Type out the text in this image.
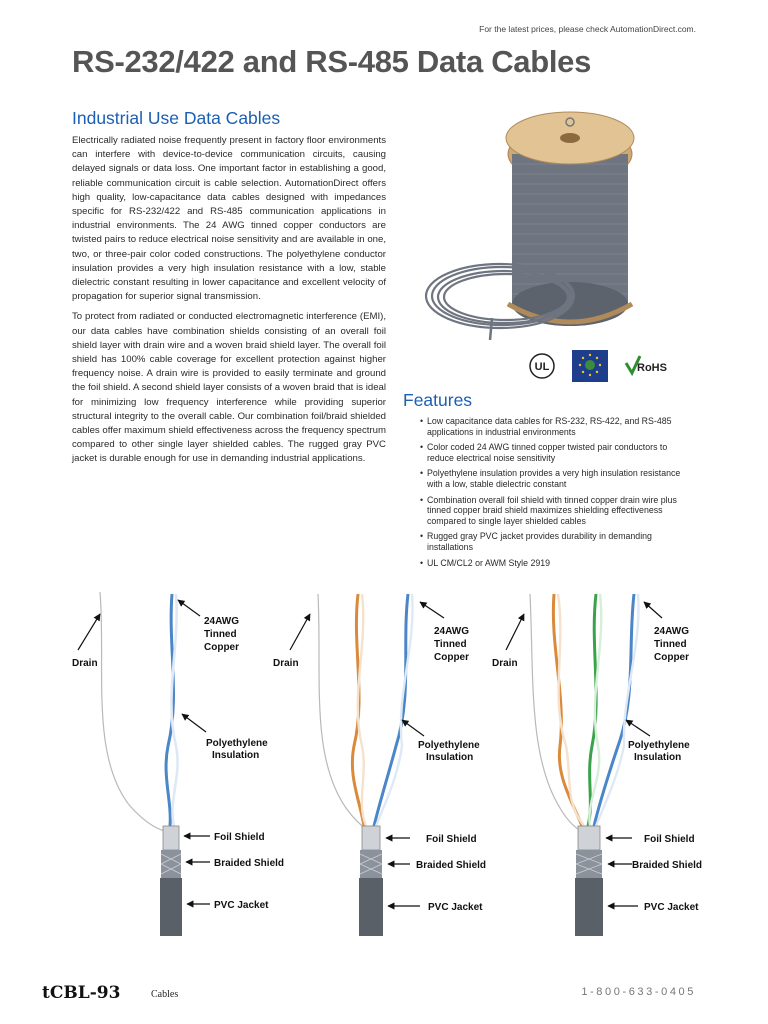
For the latest prices, please check AutomationDirect.com.
RS-232/422 and RS-485 Data Cables
Industrial Use Data Cables

Electrically radiated noise frequently present in factory floor environments can interfere with device-to-device communication circuits, causing delayed signals or data loss. One important factor in establishing a good, reliable communication circuit is cable selection. AutomationDirect offers high quality, low-capacitance data cables designed with impedances specific for RS-232/422 and RS-485 communication applications in industrial environments. The 24 AWG tinned copper conductors are twisted pairs to reduce electrical noise sensitivity and are available in one, two, or three-pair color coded constructions. The polyethylene conductor insulation provides a very high insulation resistance with a low, stable dielectric constant resulting in lower capacitance and excellent velocity of propagation for superior signal transmission.

To protect from radiated or conducted electromagnetic interference (EMI), our data cables have combination shields consisting of an overall foil shield layer with drain wire and a woven braid shield layer. The overall foil shield has 100% cable coverage for excellent protection against higher frequency noise. A drain wire is provided to easily terminate and ground the foil shield. A second shield layer consists of a woven braid that is ideal for minimizing low frequency interference while providing superior structural integrity to the overall cable. Our combination foil/braid shielded cables offer maximum shield effectiveness across the frequency spectrum compared to other single layer shielded cables. The rugged gray PVC jacket is durable enough for use in demanding industrial applications.

UL	RoHS
Features
• Low capacitance data cables for RS-232, RS-422, and RS-485 applications in industrial environments
• Color coded 24 AWG tinned copper twisted pair conductors to reduce electrical noise sensitivity
• Polyethylene insulation provides a very high insulation resistance with a low, stable dielectric constant
• Combination overall foil shield with tinned copper drain wire plus tinned copper braid shield maximizes shielding effectiveness compared to single layer shielded cables
• Rugged gray PVC jacket provides durability in demanding installations
• UL CM/CL2 or AWM Style 2919
Drain
24AWG
Tinned
Copper
Polyethylene
Insulation
Foil Shield
Braided Shield
PVC Jacket
Drain
24AWG
Tinned
Copper
Polyethylene
Insulation
Foil Shield
Braided Shield
PVC Jacket
Drain
24AWG
Tinned
Copper
Polyethylene
Insulation
Foil Shield
Braided Shield
PVC Jacket
tCBL-93	Cables	1-800-633-0405
